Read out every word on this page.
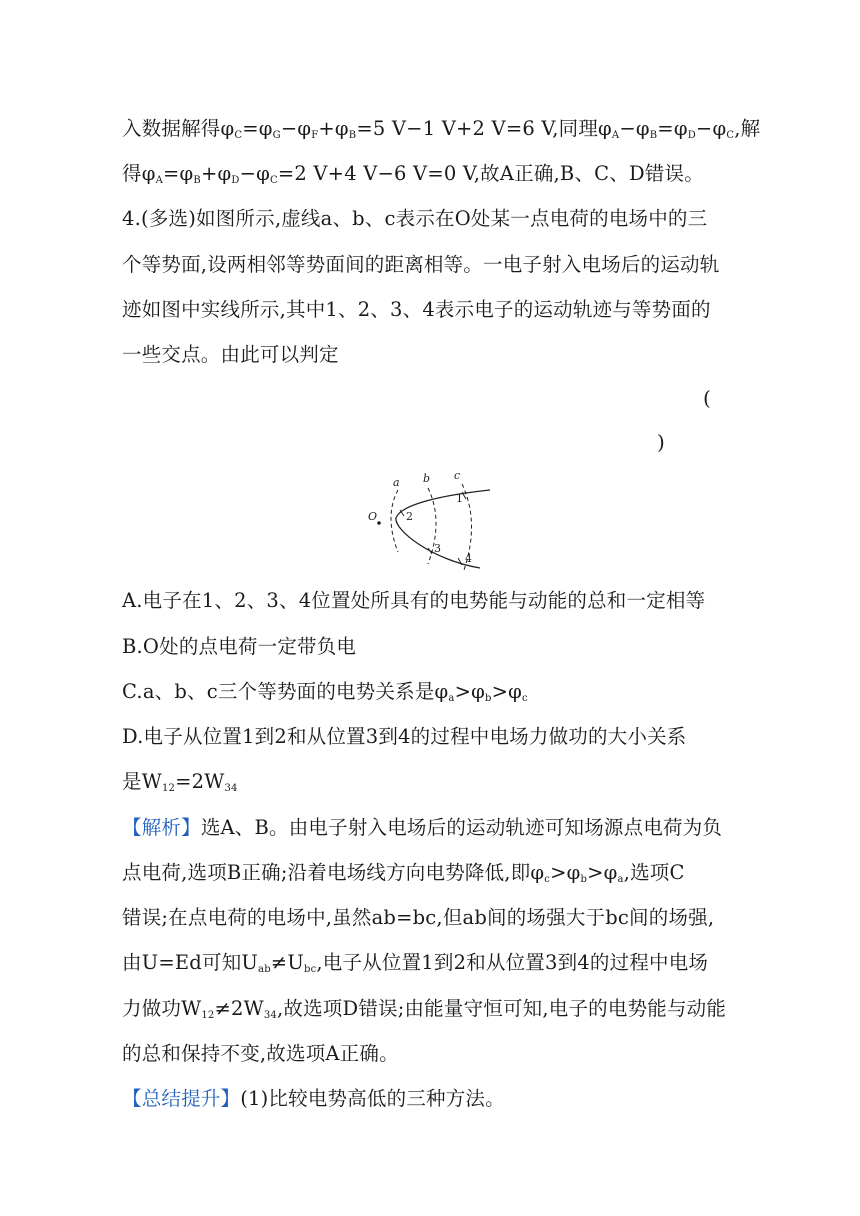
入数据解得$\varphi_C=\varphi_G-\varphi_F+\varphi_B=5$ V−1 V+2 V=6 V,同理$\varphi_A-\varphi_B=\varphi_D-\varphi_C$,解
得$\varphi_A=\varphi_B+\varphi_D-\varphi_C=2$ V+4 V−6 V=0 V,故A正确,B、C、D错误。
4.(多选)如图所示,虚线a、b、c表示在O处某一点电荷的电场中的三
个等势面,设两相邻等势面间的距离相等。一电子射入电场后的运动轨
迹如图中实线所示,其中1、2、3、4表示电子的运动轨迹与等势面的
一些交点。由此可以判定
(
)
a b c
O
1
2
3
4
A.电子在1、2、3、4位置处所具有的电势能与动能的总和一定相等
B.O处的点电荷一定带负电
C.a、b、c三个等势面的电势关系是$\varphi_a>\varphi_b>\varphi_c$
D.电子从位置1到2和从位置3到4的过程中电场力做功的大小关系
是$W_{12}=2W_{34}$
【解析】选A、B。由电子射入电场后的运动轨迹可知场源点电荷为负
点电荷,选项B正确;沿着电场线方向电势降低,即$\varphi_c>\varphi_b>\varphi_a$,选项C
错误;在点电荷的电场中,虽然ab=bc,但ab间的场强大于bc间的场强,
由U=Ed可知$U_{ab}\ne U_{bc}$,电子从位置1到2和从位置3到4的过程中电场
力做功$W_{12}\ne 2W_{34}$,故选项D错误;由能量守恒可知,电子的电势能与动能
的总和保持不变,故选项A正确。
【总结提升】(1)比较电势高低的三种方法。
